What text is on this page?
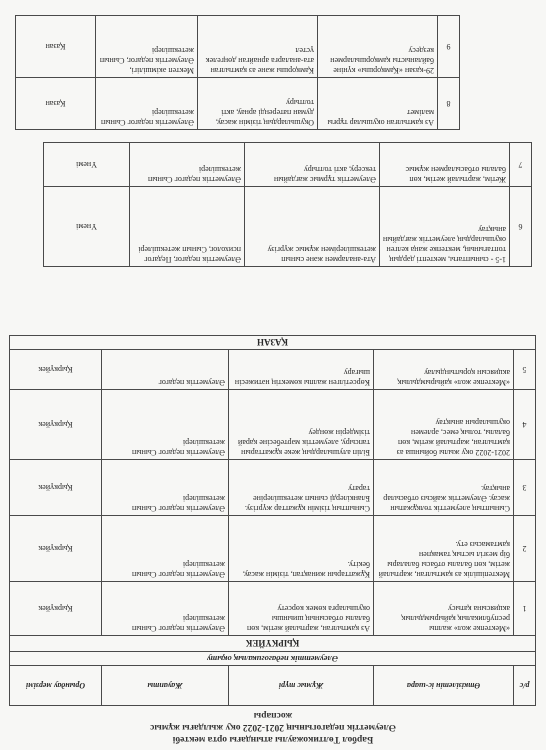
Барбол Төлтикожаулы атындағы орта мектебі
Әлеуметтік педагогының 2021-2022 оқу жылдағы жұмыс
жоспары
р/с	Өткізілетін іс-шара	Жұмыс түрі	Жауапты	Орындау мерзімі
Әлеуметтік педагогикалық оқыту				
ҚЫРКҮЙЕК				
1	«Мектепке жол» жалпы республикалық қайырымдылық акциясына қатысу	Аз қамтылған, жартылай жетім, көп балалы отбасының шиыншы оқушыларға көмек көрсету	Әлеуметтік педагог Сынып жетекшілері	Қыркүйек
2	Мектепішілік аз қамтылған, жартылай жетім, көп балалы отбасы балалары бір мезгіл ыстық тамақпен қамтамасыз ету.	Құжаттарын жинақтап, тізімін жасау, бекіту.	Әлеуметтік педагог Сынып жетекшілері	Қыркүйек
3	Сыныптың әлеуметтік төлқұжатын жасау. Әлеуметтік жайсыз отбасылар анықтау.	Сыныптың тізімін құжаттар жүргізу. Бланкілерді сынып жетекшілеріне тарату	Әлеуметтік педагог Сынып жетекшілері	Қыркүйек
4	2021-2022 оқу жылы бойынша аз қамтылған, жартылай жетім, көп балалы, толық емес, әрлемен оқушыларын анықтау	Біліп алушылардың жеке құжаттарын тапсыру, әлеуметтік мәртебесіне қарай тізімдерін жөндеу	Әлеуметтік педагог Сынып жетекшілері	Қыркүйек
5	«Мектепке жол» қайырымдылық акциясын қорытындылау	Көрсетілген жалпы көмектің нәтижесін шығару	Әлеуметтік педагог	Қыркүйек
ҚАЗАН				
6	1-5 - сыныптағы, мектепті дәрдың топтағының, мектепке жаңа келген оқушылардың әлеуметтік жағдайын анықтау	Ата-аналармен және сынып жетекшілерімен жұмыс жүргізу	Әлеуметтік педагог, Педагог психолог, Сынып жетекшілері	Үнемі
7	Жетім, жартылай жетім, көп балалы отбасылармен жұмыс	Әлеуметтік тұрмыс жағдайын тексеру, акті толтыру	Әлеуметтік педагог Сынып жетекшілері	Үнемі
8	Аз қамтылған оқушылар тұрғы мәлімет	Оқушылардың тізімін жасау, думан патеренді арнау, акті толтыру	Әлеуметтік педагог Сынып жетекшілері	Қазан
9	29-қазан «Қамқоршы» күніне байланысты қамқоршылармен кездесу	Қамқоршы және аз қамтылған ата-аналарға арнайған дөңгелек үстел	Мектеп әкімшілігі, Әлеуметтік педагог, Сынып жетекшілері	Қазан
